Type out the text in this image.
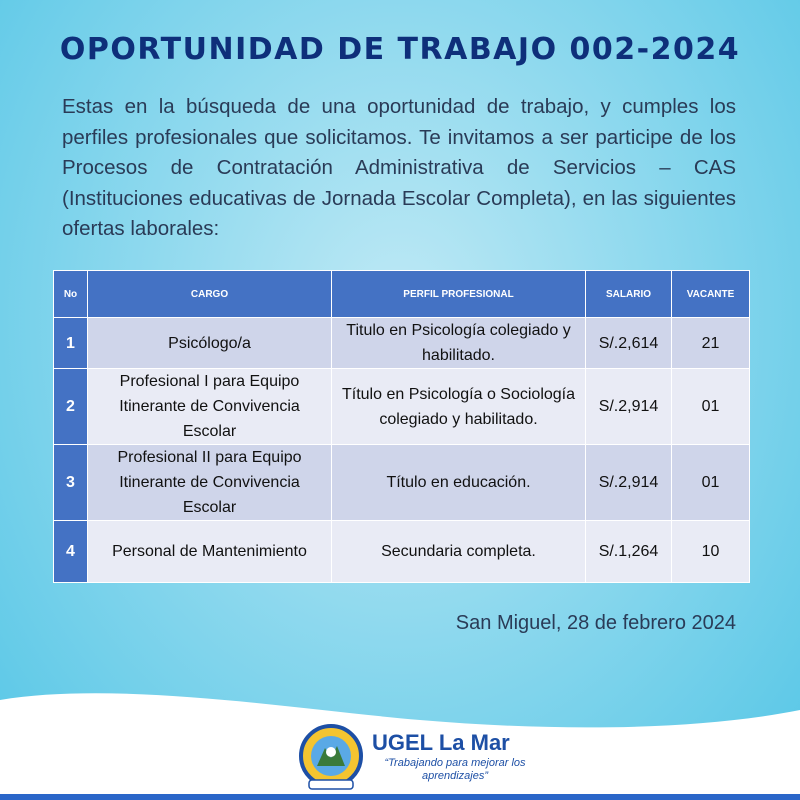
OPORTUNIDAD DE TRABAJO 002-2024
Estas en la búsqueda de una oportunidad de trabajo, y cumples los perfiles profesionales que solicitamos. Te invitamos a ser participe de los Procesos de Contratación Administrativa de Servicios – CAS (Instituciones educativas de Jornada Escolar Completa), en las siguientes ofertas laborales:
No	CARGO	PERFIL PROFESIONAL	SALARIO	VACANTE
1	Psicólogo/a	Titulo en Psicología colegiado y habilitado.	S/.2,614	21
2	Profesional I para Equipo Itinerante de Convivencia Escolar	Título en Psicología o Sociología colegiado y habilitado.	S/.2,914	01
3	Profesional II para Equipo Itinerante de Convivencia Escolar	Título en educación.	S/.2,914	01
4	Personal de Mantenimiento	Secundaria completa.	S/.1,264	10
San Miguel, 28 de febrero 2024
UGEL La Mar
“Trabajando para mejorar los aprendizajes”
